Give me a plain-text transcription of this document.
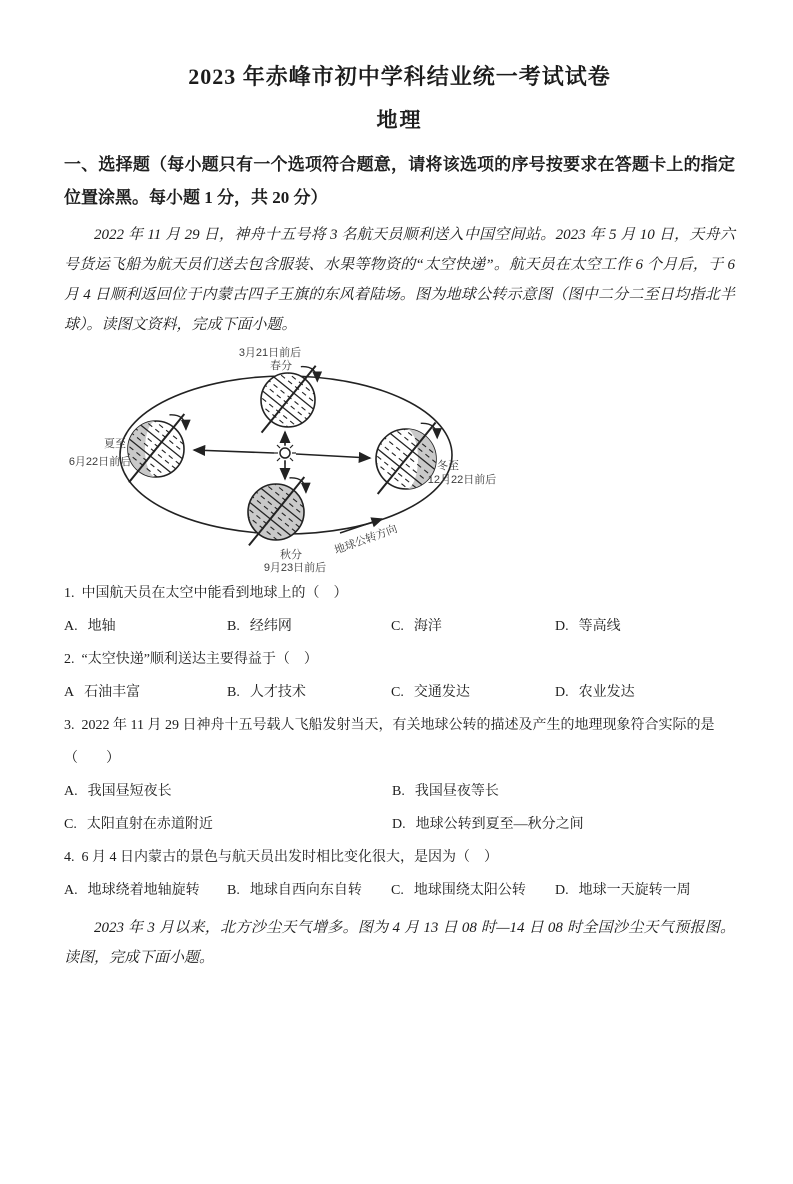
2023 年赤峰市初中学科结业统一考试试卷
地理
一、选择题（每小题只有一个选项符合题意，请将该选项的序号按要求在答题卡上的指定位置涂黑。每小题 1 分，共 20 分）
2022 年 11 月 29 日，神舟十五号将 3 名航天员顺利送入中国空间站。2023 年 5 月 10 日，天舟六号货运飞船为航天员们送去包含服装、水果等物资的“太空快递”。航天员在太空工作 6 个月后，于 6 月 4 日顺利返回位于内蒙古四子王旗的东风着陆场。图为地球公转示意图（图中二分二至日均指北半球）。读图文资料，完成下面小题。
地球公转方向
3月21日前后
春分
夏至
6月22日前后	冬至
12月22日前后
秋分
9月23日前后
1. 中国航天员在太空中能看到地球上的（　）
A. 地轴	B. 经纬网	C. 海洋	D. 等高线
2. “太空快递”顺利送达主要得益于（　）
A 石油丰富	B. 人才技术	C. 交通发达	D. 农业发达
3. 2022 年 11 月 29 日神舟十五号载人飞船发射当天，有关地球公转的描述及产生的地理现象符合实际的是
（　　）
A. 我国昼短夜长	B. 我国昼夜等长
C. 太阳直射在赤道附近	D. 地球公转到夏至—秋分之间
4. 6 月 4 日内蒙古的景色与航天员出发时相比变化很大，是因为（　）
A. 地球绕着地轴旋转	B. 地球自西向东自转	C. 地球围绕太阳公转	D. 地球一天旋转一周
2023 年 3 月以来，北方沙尘天气增多。图为 4 月 13 日 08 时—14 日 08 时全国沙尘天气预报图。读图，完成下面小题。
